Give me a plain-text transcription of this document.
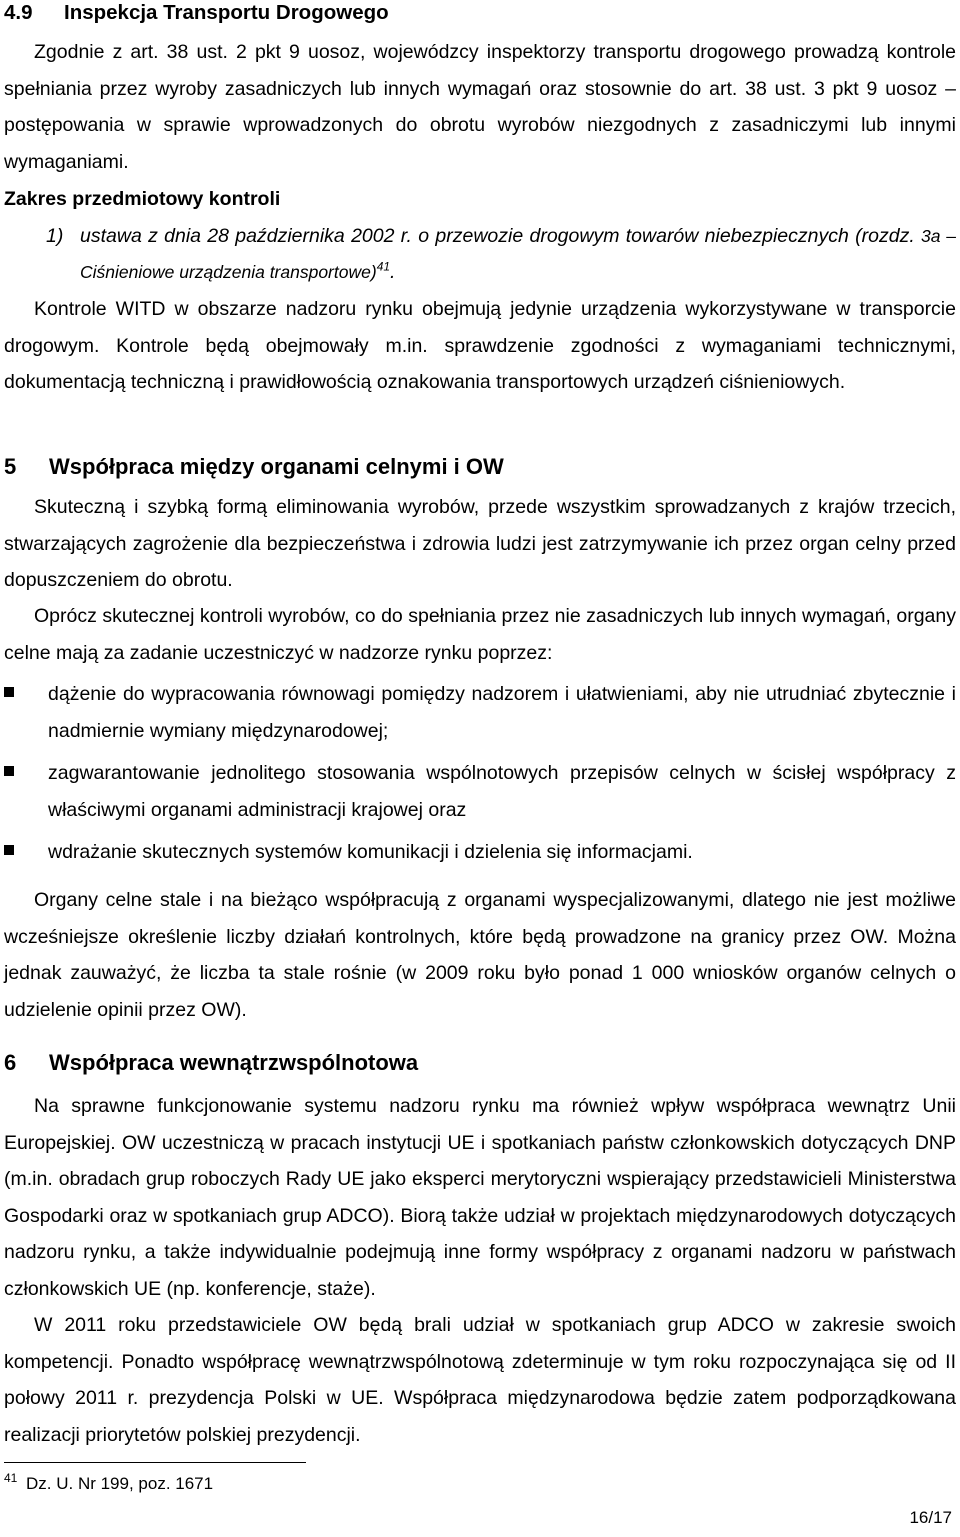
4.9 Inspekcja Transportu Drogowego

Zgodnie z art. 38 ust. 2 pkt 9 uosoz, wojewódzcy inspektorzy transportu drogowego prowadzą kontrole spełniania przez wyroby zasadniczych lub innych wymagań oraz stosownie do art. 38 ust. 3 pkt 9 uosoz – postępowania w sprawie wprowadzonych do obrotu wyrobów niezgodnych z zasadniczymi lub innymi wymaganiami.

Zakres przedmiotowy kontroli
1) ustawa z dnia 28 października 2002 r. o przewozie drogowym towarów niebezpiecznych (rozdz. 3a – Ciśnieniowe urządzenia transportowe)$^{41}$.

Kontrole WITD w obszarze nadzoru rynku obejmują jedynie urządzenia wykorzystywane w transporcie drogowym. Kontrole będą obejmowały m.in. sprawdzenie zgodności z wymaganiami technicznymi, dokumentacją techniczną i prawidłowością oznakowania transportowych urządzeń ciśnieniowych.

5 Współpraca między organami celnymi i OW

Skuteczną i szybką formą eliminowania wyrobów, przede wszystkim sprowadzanych z krajów trzecich, stwarzających zagrożenie dla bezpieczeństwa i zdrowia ludzi jest zatrzymywanie ich przez organ celny przed dopuszczeniem do obrotu.

Oprócz skutecznej kontroli wyrobów, co do spełniania przez nie zasadniczych lub innych wymagań, organy celne mają za zadanie uczestniczyć w nadzorze rynku poprzez:

dążenie do wypracowania równowagi pomiędzy nadzorem i ułatwieniami, aby nie utrudniać zbytecznie i nadmiernie wymiany międzynarodowej;
zagwarantowanie jednolitego stosowania wspólnotowych przepisów celnych w ścisłej współpracy z właściwymi organami administracji krajowej oraz
wdrażanie skutecznych systemów komunikacji i dzielenia się informacjami.

Organy celne stale i na bieżąco współpracują z organami wyspecjalizowanymi, dlatego nie jest możliwe wcześniejsze określenie liczby działań kontrolnych, które będą prowadzone na granicy przez OW. Można jednak zauważyć, że liczba ta stale rośnie (w 2009 roku było ponad 1 000 wniosków organów celnych o udzielenie opinii przez OW).

6 Współpraca wewnątrzwspólnotowa

Na sprawne funkcjonowanie systemu nadzoru rynku ma również wpływ współpraca wewnątrz Unii Europejskiej. OW uczestniczą w pracach instytucji UE i spotkaniach państw członkowskich dotyczących DNP (m.in. obradach grup roboczych Rady UE jako eksperci merytoryczni wspierający przedstawicieli Ministerstwa Gospodarki oraz w spotkaniach grup ADCO). Biorą także udział w projektach międzynarodowych dotyczących nadzoru rynku, a także indywidualnie podejmują inne formy współpracy z organami nadzoru w państwach członkowskich UE (np. konferencje, staże).

W 2011 roku przedstawiciele OW będą brali udział w spotkaniach grup ADCO w zakresie swoich kompetencji. Ponadto współpracę wewnątrzwspólnotową zdeterminuje w tym roku rozpoczynająca się od II połowy 2011 r. prezydencja Polski w UE. Współpraca międzynarodowa będzie zatem podporządkowana realizacji priorytetów polskiej prezydencji.

$^{41}$ Dz. U. Nr 199, poz. 1671
16/17
